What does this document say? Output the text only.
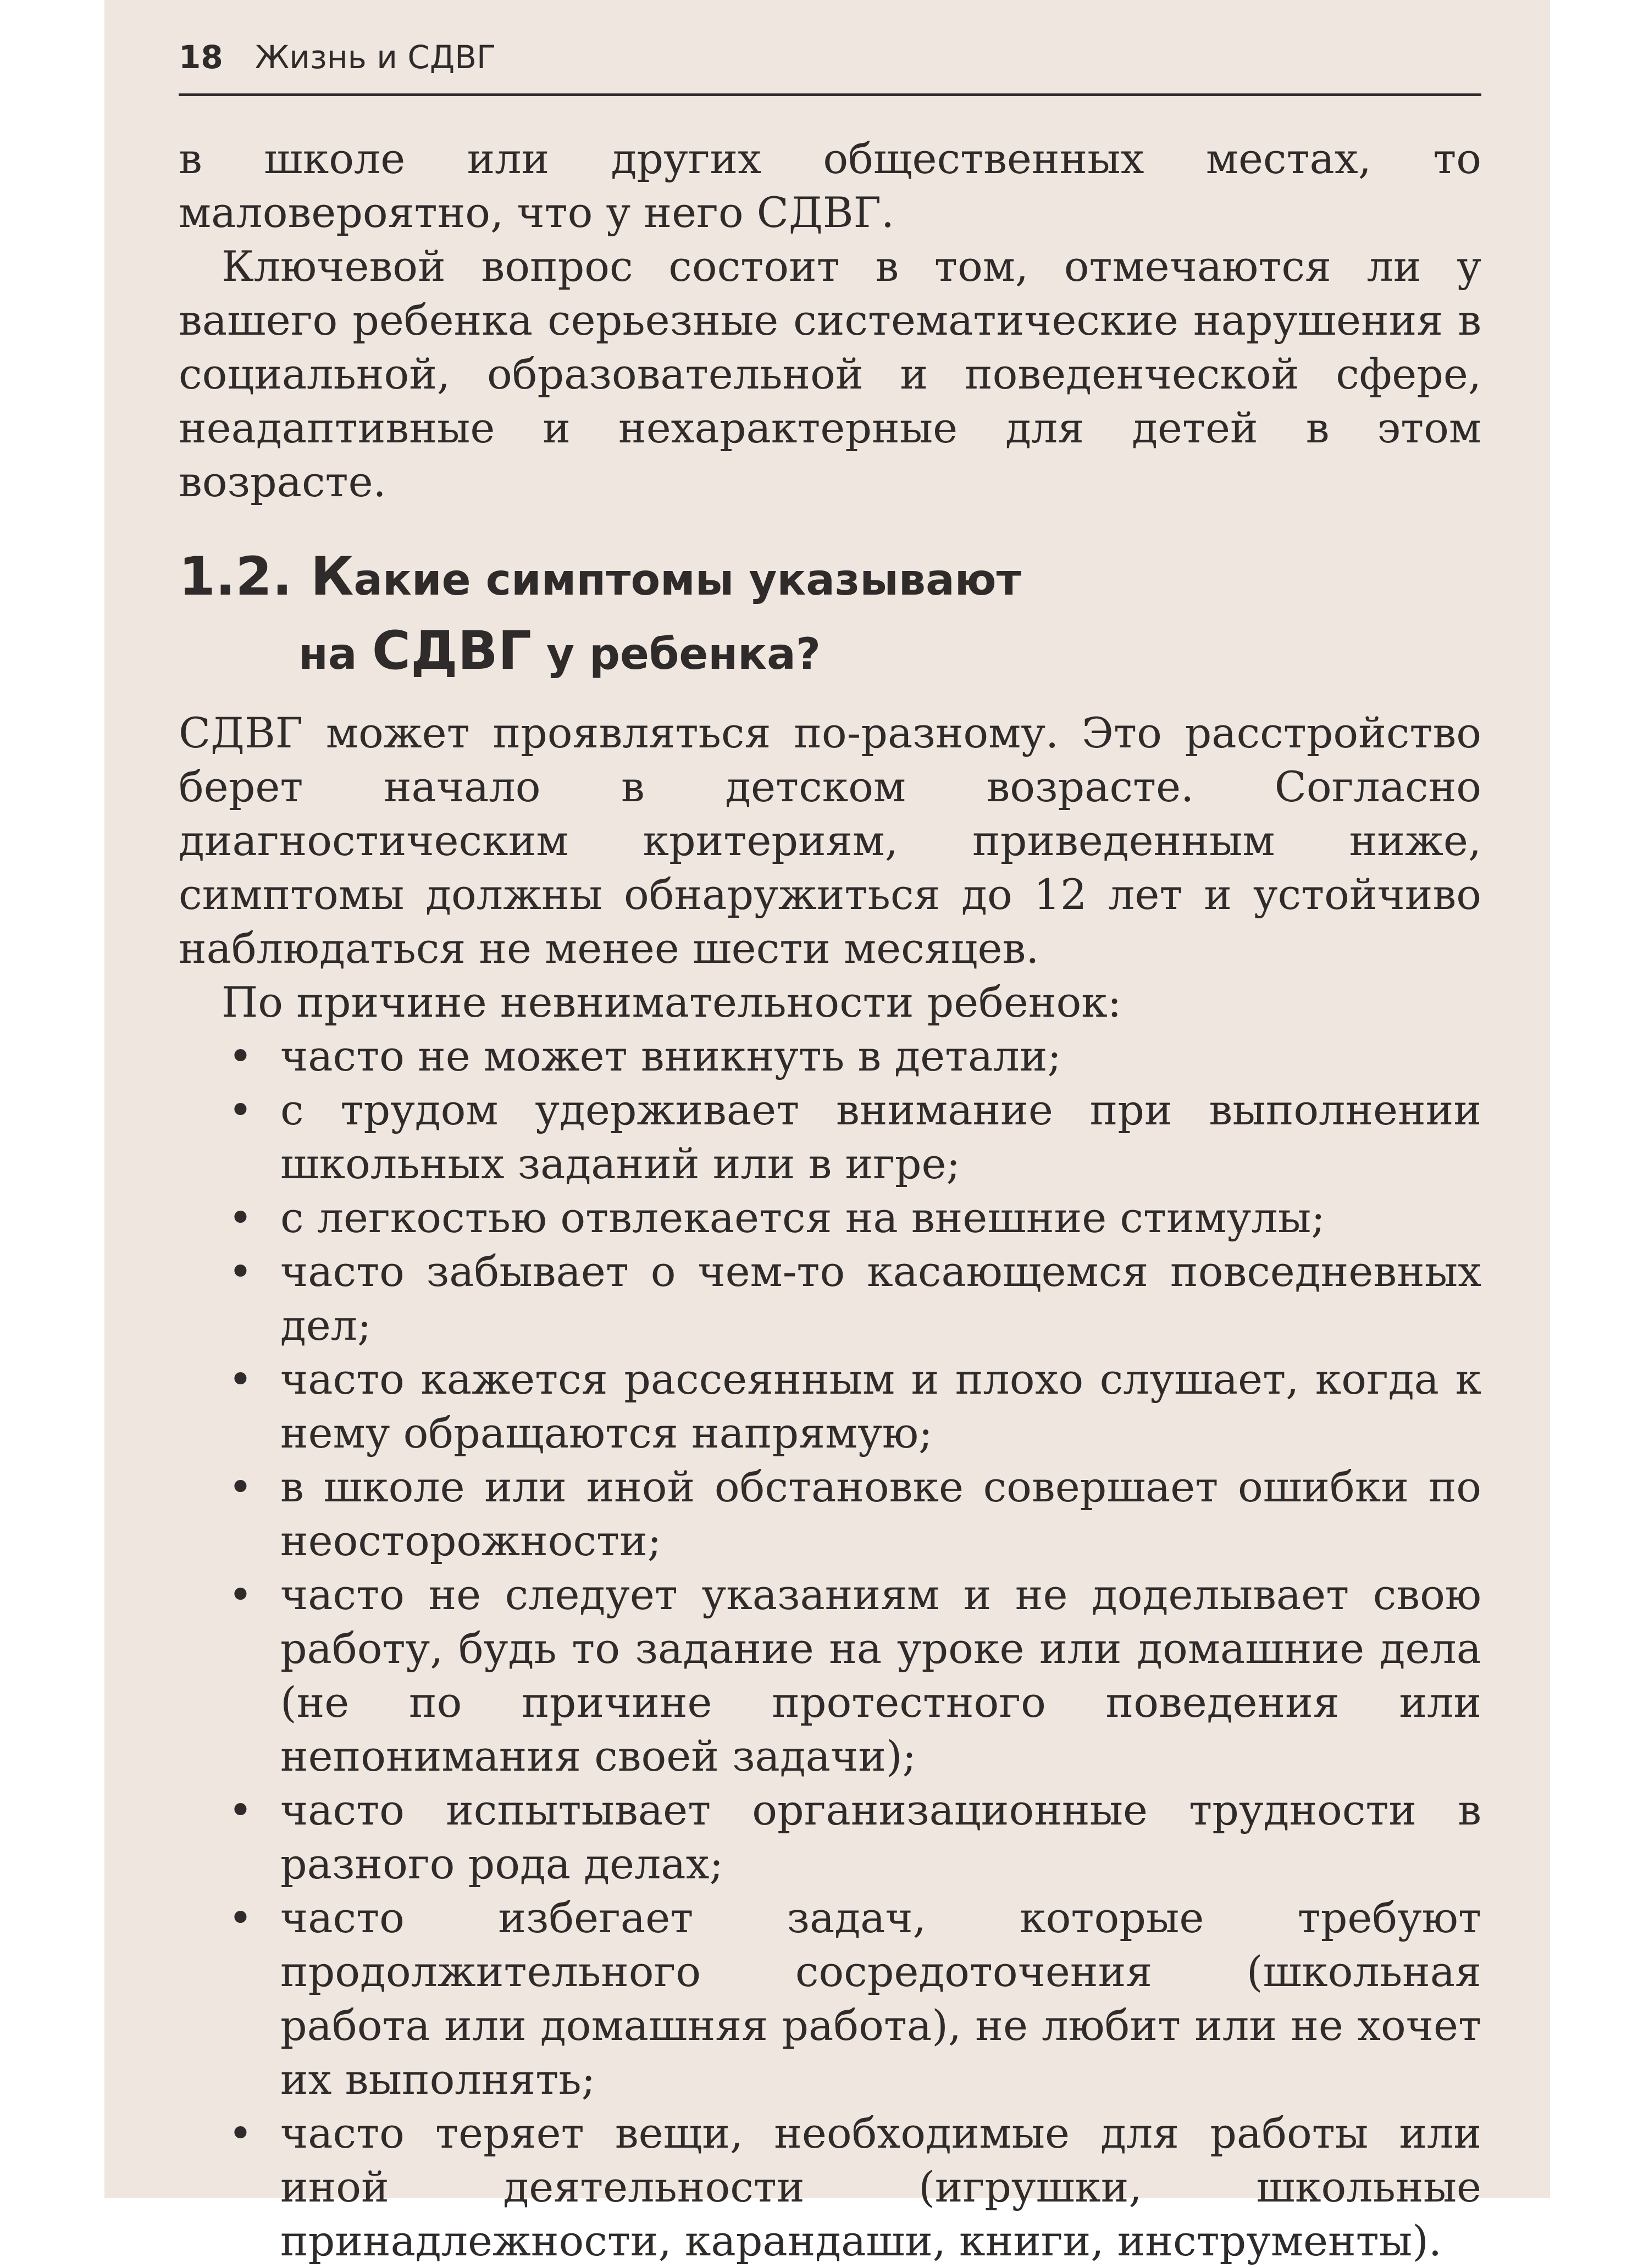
18 Жизнь и СДВГ

в школе или других общественных местах, то маловероятно, что у него СДВГ.

Ключевой вопрос состоит в том, отмечаются ли у вашего ребенка серьезные систематические нарушения в социальной, образовательной и поведенческой сфере, неадаптивные и нехарактерные для детей в этом возрасте.

1.2. Какие симптомы указывают
на СДВГ у ребенка?

СДВГ может проявляться по-разному. Это расстройство берет начало в детском возрасте. Согласно диагностическим критериям, приведенным ниже, симптомы должны обнаружиться до 12 лет и устойчиво наблюдаться не менее шести месяцев.

По причине невнимательности ребенок:

• часто не может вникнуть в детали;
• с трудом удерживает внимание при выполнении школьных заданий или в игре;
• с легкостью отвлекается на внешние стимулы;
• часто забывает о чем-то касающемся повседневных дел;
• часто кажется рассеянным и плохо слушает, когда к нему обращаются напрямую;
• в школе или иной обстановке совершает ошибки по неосторожности;
• часто не следует указаниям и не доделывает свою работу, будь то задание на уроке или домашние дела (не по причине протестного поведения или непонимания своей задачи);
• часто испытывает организационные трудности в разного рода делах;
• часто избегает задач, которые требуют продолжительного сосредоточения (школьная работа или домашняя работа), не любит или не хочет их выполнять;
• часто теряет вещи, необходимые для работы или иной деятельности (игрушки, школьные принадлежности, карандаши, книги, инструменты).
